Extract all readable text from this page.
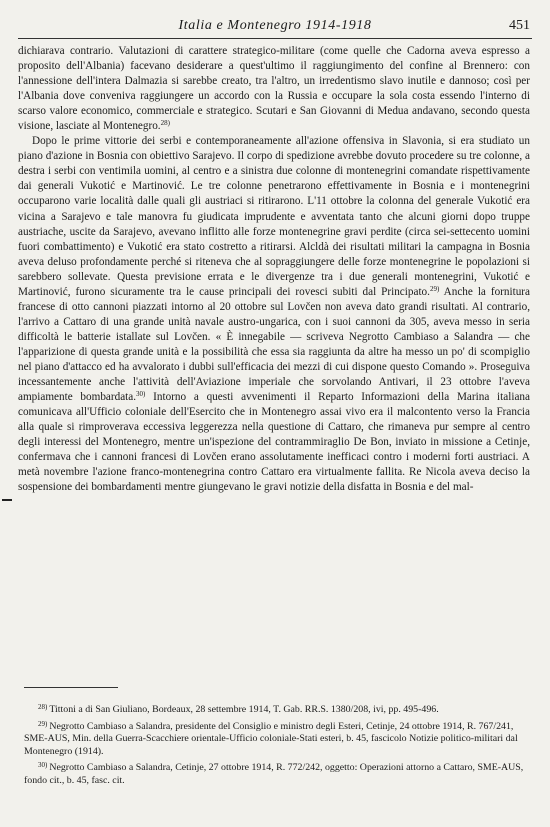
Italia e Montenegro 1914-1918	451

dichiarava contrario. Valutazioni di carattere strategico-militare (come quelle che Cadorna aveva espresso a proposito dell'Albania) facevano desiderare a quest'ultimo il raggiungimento del confine al Brennero: con l'annessione dell'intera Dalmazia si sarebbe creato, tra l'altro, un irredentismo slavo inutile e dannoso; così per l'Albania dove conveniva raggiungere un accordo con la Russia e occupare la sola costa essendo l'interno di scarso valore economico, commerciale e strategico. Scutari e San Giovanni di Medua andavano, secondo questa visione, lasciate al Montenegro.$^{28)}$

Dopo le prime vittorie dei serbi e contemporaneamente all'azione offensiva in Slavonia, si era studiato un piano d'azione in Bosnia con obiettivo Sarajevo. Il corpo di spedizione avrebbe dovuto procedere su tre colonne, a destra i serbi con ventimila uomini, al centro e a sinistra due colonne di montenegrini comandate rispettivamente dai generali Vukotić e Martinović. Le tre colonne penetrarono effettivamente in Bosnia e i montenegrini occuparono varie località dalle quali gli austriaci si ritirarono. L'11 ottobre la colonna del generale Vukotić era vicina a Sarajevo e tale manovra fu giudicata imprudente e avventata tanto che alcuni giorni dopo truppe austriache, uscite da Sarajevo, avevano inflitto alle forze montenegrine gravi perdite (circa sei-settecento uomini fuori combattimento) e Vukotić era stato costretto a ritirarsi. Alcldà dei risultati militari la campagna in Bosnia aveva deluso profondamente perché si riteneva che al sopraggiungere delle forze montenegrine le popolazioni si sarebbero sollevate. Questa previsione errata e le divergenze tra i due generali montenegrini, Vukotić e Martinović, furono sicuramente tra le cause principali dei rovesci subiti dal Principato.$^{29)}$ Anche la fornitura francese di otto cannoni piazzati intorno al 20 ottobre sul Lovčen non aveva dato grandi risultati. Al contrario, l'arrivo a Cattaro di una grande unità navale austro-ungarica, con i suoi cannoni da 305, aveva messo in seria difficoltà le batterie istallate sul Lovčen. « È innegabile — scriveva Negrotto Cambiaso a Salandra — che l'apparizione di questa grande unità e la possibilità che essa sia raggiunta da altre ha messo un po' di scompiglio nel piano d'attacco ed ha avvalorato i dubbi sull'efficacia dei mezzi di cui dispone questo Comando ». Proseguiva incessantemente anche l'attività dell'Aviazione imperiale che sorvolando Antivari, il 23 ottobre l'aveva ampiamente bombardata.$^{30)}$ Intorno a questi avvenimenti il Reparto Informazioni della Marina italiana comunicava all'Ufficio coloniale dell'Esercito che in Montenegro assai vivo era il malcontento verso la Francia alla quale si rimproverava eccessiva leggerezza nella questione di Cattaro, che rimaneva pur sempre al centro degli interessi del Montenegro, mentre un'ispezione del contrammiraglio De Bon, inviato in missione a Cetinje, confermava che i cannoni francesi di Lovčen erano assolutamente inefficaci contro i moderni forti austriaci. A metà novembre l'azione franco-montenegrina contro Cattaro era virtualmente fallita. Re Nicola aveva deciso la sospensione dei bombardamenti mentre giungevano le gravi notizie della disfatta in Bosnia e del mal-

$^{28)}$ Tittoni a di San Giuliano, Bordeaux, 28 settembre 1914, T. Gab. RR.S. 1380/208, ivi, pp. 495-496.

$^{29)}$ Negrotto Cambiaso a Salandra, presidente del Consiglio e ministro degli Esteri, Cetinje, 24 ottobre 1914, R. 767/241, SME-AUS, Min. della Guerra-Scacchiere orientale-Ufficio coloniale-Stati esteri, b. 45, fascicolo Notizie politico-militari dal Montenegro (1914).

$^{30)}$ Negrotto Cambiaso a Salandra, Cetinje, 27 ottobre 1914, R. 772/242, oggetto: Operazioni attorno a Cattaro, SME-AUS, fondo cit., b. 45, fasc. cit.
